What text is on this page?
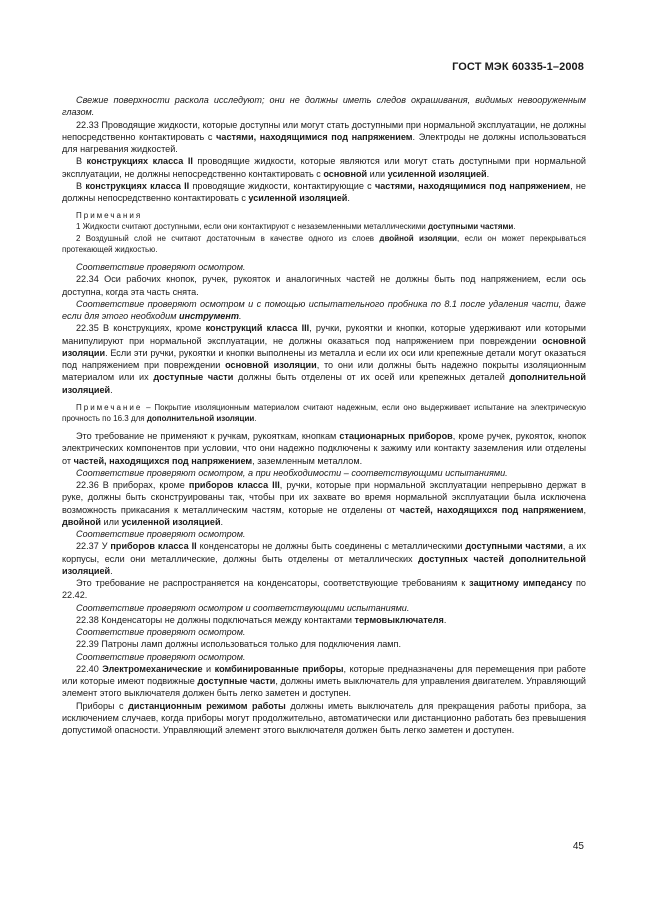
ГОСТ МЭК 60335-1–2008

Свежие поверхности раскола исследуют; они не должны иметь следов окрашивания, видимых невооруженным глазом.

22.33 Проводящие жидкости, которые доступны или могут стать доступными при нормальной эксплуатации, не должны непосредственно контактировать с частями, находящимися под напряжением. Электроды не должны использоваться для нагревания жидкостей.

В конструкциях класса II проводящие жидкости, которые являются или могут стать доступными при нормальной эксплуатации, не должны непосредственно контактировать с основной или усиленной изоляцией.

В конструкциях класса II проводящие жидкости, контактирующие с частями, находящимися под напряжением, не должны непосредственно контактировать с усиленной изоляцией.

Примечания

1 Жидкости считают доступными, если они контактируют с незаземленными металлическими доступными частями.

2 Воздушный слой не считают достаточным в качестве одного из слоев двойной изоляции, если он может перекрываться протекающей жидкостью.

Соответствие проверяют осмотром.

22.34 Оси рабочих кнопок, ручек, рукояток и аналогичных частей не должны быть под напряжением, если ось доступна, когда эта часть снята.

Соответствие проверяют осмотром и с помощью испытательного пробника по 8.1 после удаления части, даже если для этого необходим инструмент.

22.35 В конструкциях, кроме конструкций класса III, ручки, рукоятки и кнопки, которые удерживают или которыми манипулируют при нормальной эксплуатации, не должны оказаться под напряжением при повреждении основной изоляции. Если эти ручки, рукоятки и кнопки выполнены из металла и если их оси или крепежные детали могут оказаться под напряжением при повреждении основной изоляции, то они или должны быть надежно покрыты изоляционным материалом или их доступные части должны быть отделены от их осей или крепежных деталей дополнительной изоляцией.

Примечание – Покрытие изоляционным материалом считают надежным, если оно выдерживает испытание на электрическую прочность по 16.3 для дополнительной изоляции.

Это требование не применяют к ручкам, рукояткам, кнопкам стационарных приборов, кроме ручек, рукояток, кнопок электрических компонентов при условии, что они надежно подключены к зажиму или контакту заземления или отделены от частей, находящихся под напряжением, заземленным металлом.

Соответствие проверяют осмотром, а при необходимости – соответствующими испытаниями.

22.36 В приборах, кроме приборов класса III, ручки, которые при нормальной эксплуатации непрерывно держат в руке, должны быть сконструированы так, чтобы при их захвате во время нормальной эксплуатации была исключена возможность прикасания к металлическим частям, которые не отделены от частей, находящихся под напряжением, двойной или усиленной изоляцией.

Соответствие проверяют осмотром.

22.37 У приборов класса II конденсаторы не должны быть соединены с металлическими доступными частями, а их корпусы, если они металлические, должны быть отделены от металлических доступных частей дополнительной изоляцией.

Это требование не распространяется на конденсаторы, соответствующие требованиям к защитному импедансу по 22.42.

Соответствие проверяют осмотром и соответствующими испытаниями.

22.38 Конденсаторы не должны подключаться между контактами термовыключателя.

Соответствие проверяют осмотром.

22.39 Патроны ламп должны использоваться только для подключения ламп.

Соответствие проверяют осмотром.

22.40 Электромеханические и комбинированные приборы, которые предназначены для перемещения при работе или которые имеют подвижные доступные части, должны иметь выключатель для управления двигателем. Управляющий элемент этого выключателя должен быть легко заметен и доступен.

Приборы с дистанционным режимом работы должны иметь выключатель для прекращения работы прибора, за исключением случаев, когда приборы могут продолжительно, автоматически или дистанционно работать без превышения допустимой опасности. Управляющий элемент этого выключателя должен быть легко заметен и доступен.

45
